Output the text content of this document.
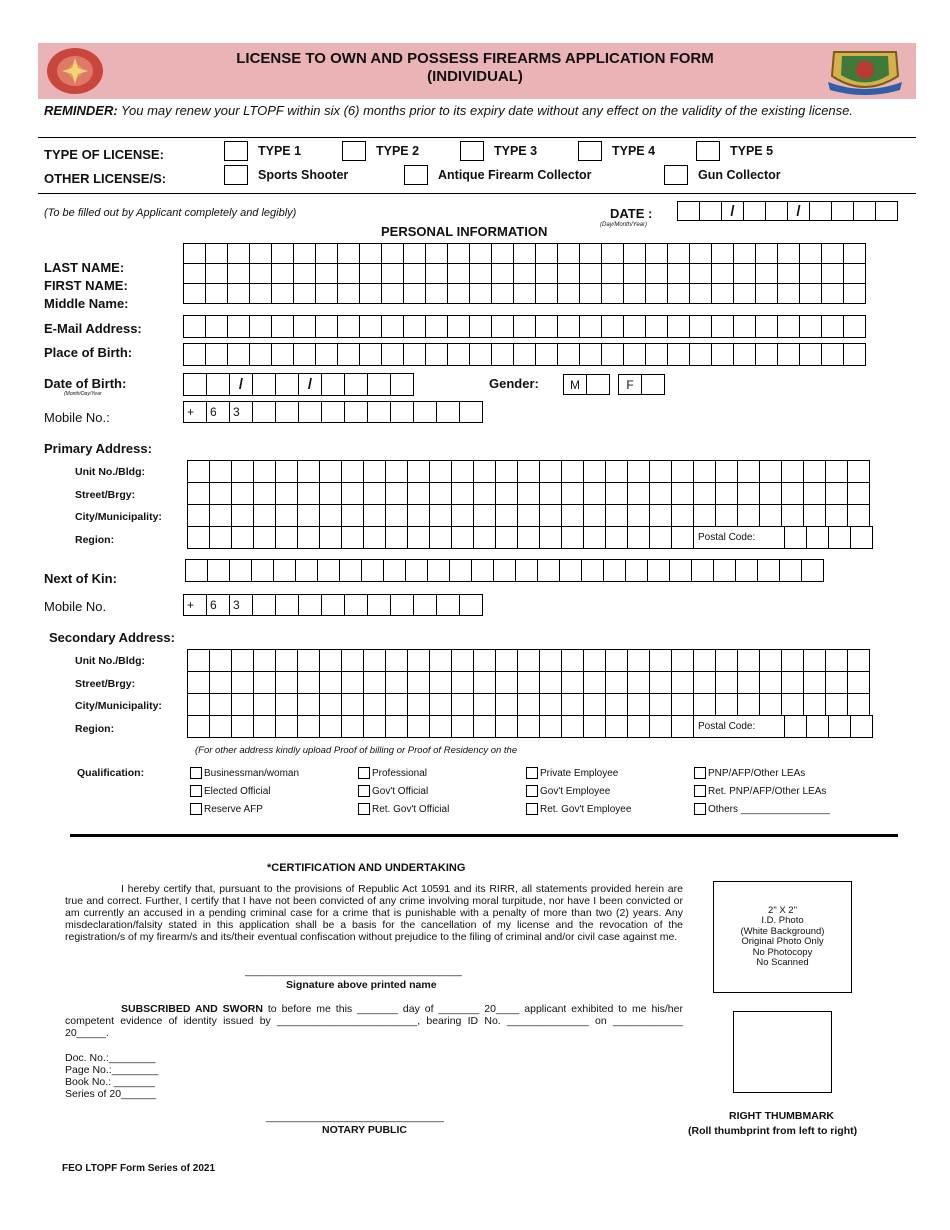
LICENSE TO OWN AND POSSESS FIREARMS APPLICATION FORM
(INDIVIDUAL)
REMINDER: You may renew your LTOPF within six (6) months prior to its expiry date without any effect on the validity of the existing license.
TYPE OF LICENSE:
OTHER LICENSE/S:
TYPE 1	TYPE 2	TYPE 3	TYPE 4	TYPE 5
Sports Shooter	Antique Firearm Collector	Gun Collector
(To be filled out by Applicant completely and legibly)	DATE :
(Day/Month/Year)
/	/
PERSONAL INFORMATION
LAST NAME:
FIRST NAME:
Middle Name:
E-Mail Address:
Place of Birth:
Date of Birth:
(Month/Day/Year
/	/	Gender:	M	F
Mobile No.:	+	6	3
Primary Address:
Unit No./Bldg:
Street/Brgy:
City/Municipality:
Region:	Postal Code:
Next of Kin:
Mobile No.	+	6	3
Secondary Address:
Unit No./Bldg:
Street/Brgy:
City/Municipality:
Region:	Postal Code:
(For other address kindly upload Proof of billing or Proof of Residency on the
Qualification:	Businessman/woman	Professional	Private Employee	PNP/AFP/Other LEAs
Elected Official	Gov't Official	Gov't Employee	Ret. PNP/AFP/Other LEAs
Reserve AFP	Ret. Gov't Official	Ret. Gov't Employee	Others ________________
*CERTIFICATION AND UNDERTAKING
I hereby certify that, pursuant to the provisions of Republic Act 10591 and its RIRR, all statements provided herein are true and correct. Further, I certify that I have not been convicted of any crime involving moral turpitude, nor have I been convicted or am currently an accused in a pending criminal case for a crime that is punishable with a penalty of more than two (2) years. Any misdeclaration/falsity stated in this application shall be a basis for the cancellation of my license and the revocation of the registration/s of my firearm/s and its/their eventual confiscation without prejudice to the filing of criminal and/or civil case against me.
_______________________________________
Signature above printed name
SUBSCRIBED AND SWORN to before me this _______ day of _______ 20____ applicant exhibited to me his/her competent evidence of identity issued by ________________________, bearing ID No. ______________ on ____________ 20_____.
Doc. No.:________
Page No.:________
Book No.: _______
Series of 20______
________________________________
NOTARY PUBLIC
2" X 2"
I.D. Photo
(White Background)
Original Photo Only
No Photocopy
No Scanned
RIGHT THUMBMARK
(Roll thumbprint from left to right)
FEO LTOPF Form Series of 2021
